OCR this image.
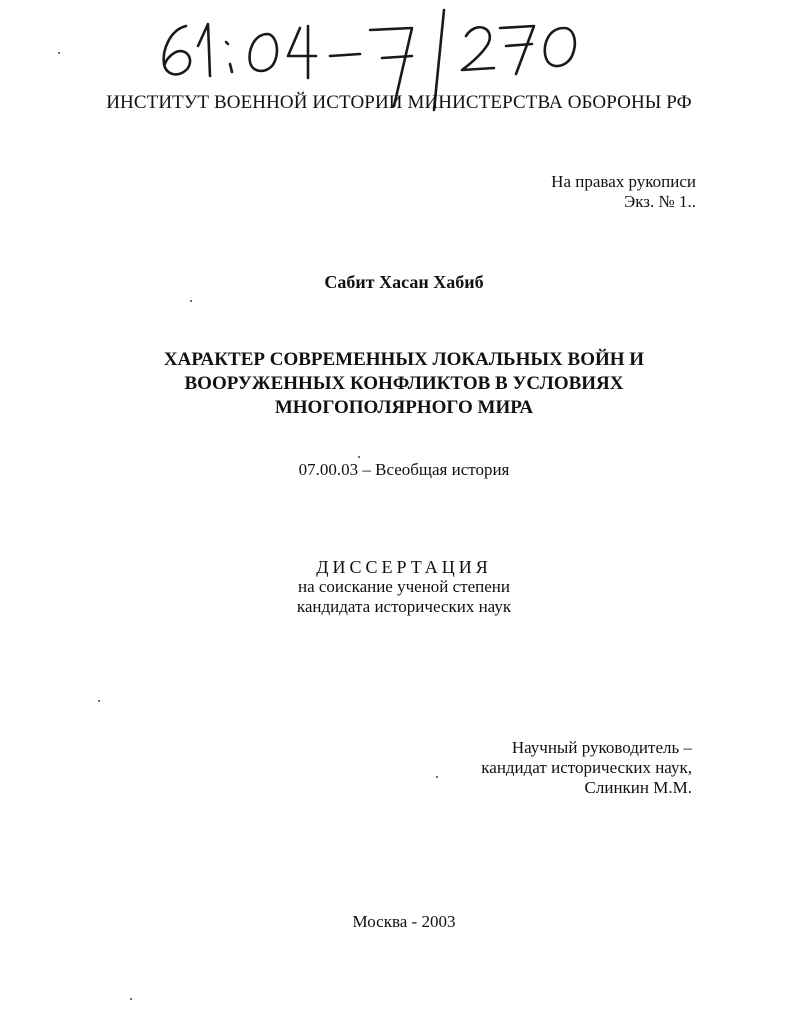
ИНСТИТУТ ВОЕННОЙ ИСТОРИИ МИНИСТЕРСТВА ОБОРОНЫ РФ
На правах рукописи
Экз. № 1..
Сабит Хасан Хабиб
ХАРАКТЕР СОВРЕМЕННЫХ ЛОКАЛЬНЫХ ВОЙН И
ВООРУЖЕННЫХ КОНФЛИКТОВ В УСЛОВИЯХ
МНОГОПОЛЯРНОГО МИРА
07.00.03 – Всеобщая история
ДИССЕРТАЦИЯ
на соискание ученой степени
кандидата исторических наук
Научный руководитель –
кандидат исторических наук,
Слинкин М.М.
Москва - 2003
